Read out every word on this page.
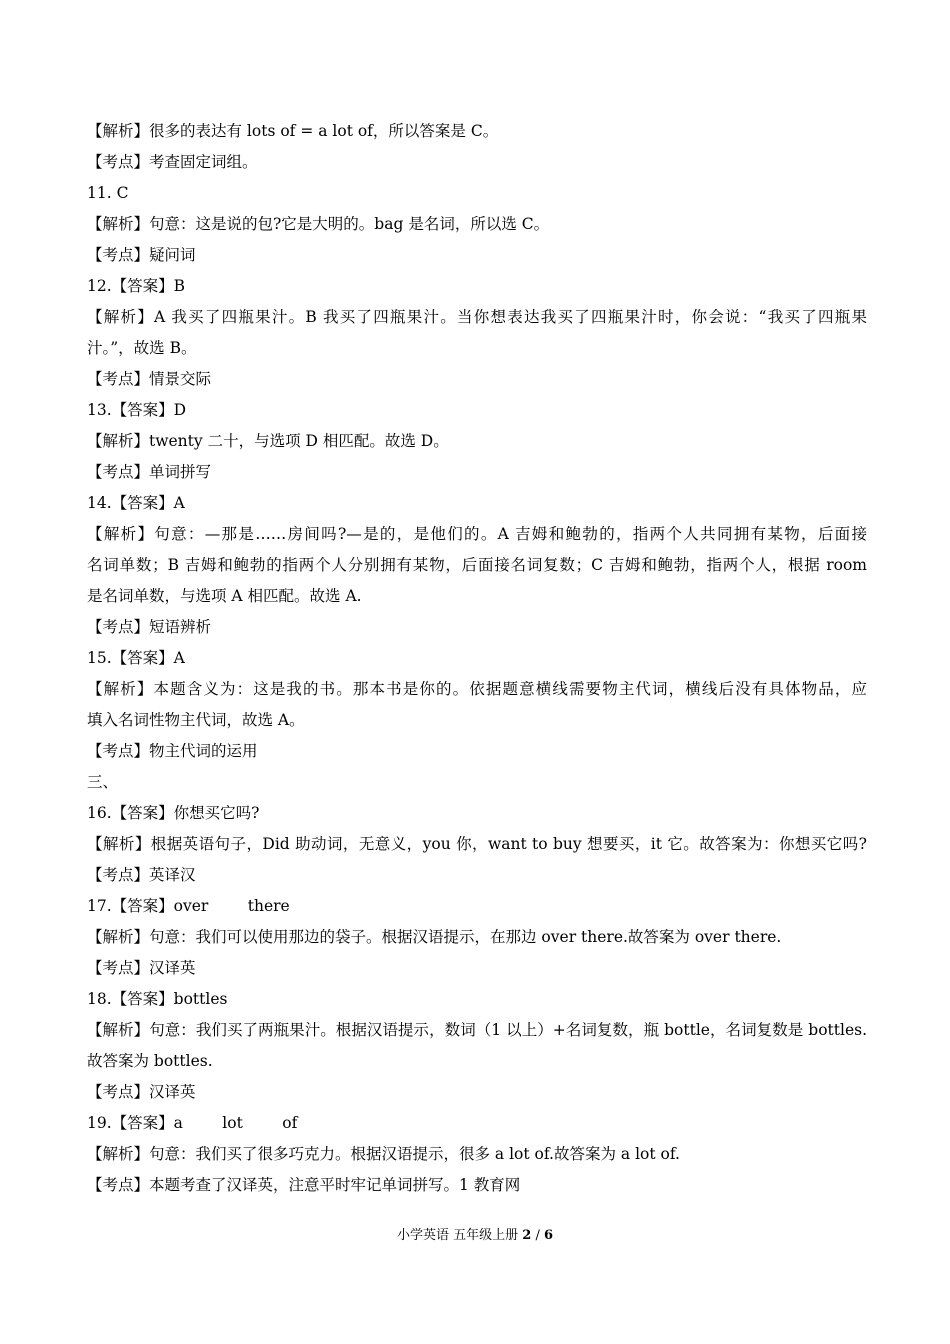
【解析】很多的表达有 lots of = a lot of，所以答案是 C。
【考点】考查固定词组。
11. C
【解析】句意：这是说的包?它是大明的。bag 是名词，所以选 C。
【考点】疑问词
12.【答案】B
【解析】A 我买了四瓶果汁。B 我买了四瓶果汁。当你想表达我买了四瓶果汁时，你会说：“我买了四瓶果
汁。”，故选 B。
【考点】情景交际
13.【答案】D
【解析】twenty 二十，与选项 D 相匹配。故选 D。
【考点】单词拼写
14.【答案】A
【解析】句意：—那是……房间吗?—是的，是他们的。A 吉姆和鲍勃的，指两个人共同拥有某物，后面接
名词单数；B 吉姆和鲍勃的指两个人分别拥有某物，后面接名词复数；C 吉姆和鲍勃，指两个人，根据 room
是名词单数，与选项 A 相匹配。故选 A.
【考点】短语辨析
15.【答案】A
【解析】本题含义为：这是我的书。那本书是你的。依据题意横线需要物主代词，横线后没有具体物品，应
填入名词性物主代词，故选 A。
【考点】物主代词的运用
三、
16.【答案】你想买它吗?
【解析】根据英语句子，Did 助动词，无意义，you 你，want to buy 想要买，it 它。故答案为：你想买它吗?
【考点】英译汉
17.【答案】over        there
【解析】句意：我们可以使用那边的袋子。根据汉语提示，在那边 over there.故答案为 over there.
【考点】汉译英
18.【答案】bottles
【解析】句意：我们买了两瓶果汁。根据汉语提示，数词（1 以上）+名词复数，瓶 bottle，名词复数是 bottles.
故答案为 bottles.
【考点】汉译英
19.【答案】a        lot        of
【解析】句意：我们买了很多巧克力。根据汉语提示，很多 a lot of.故答案为 a lot of.
【考点】本题考查了汉译英，注意平时牢记单词拼写。1 教育网
小学英语 五年级上册 2 / 6
